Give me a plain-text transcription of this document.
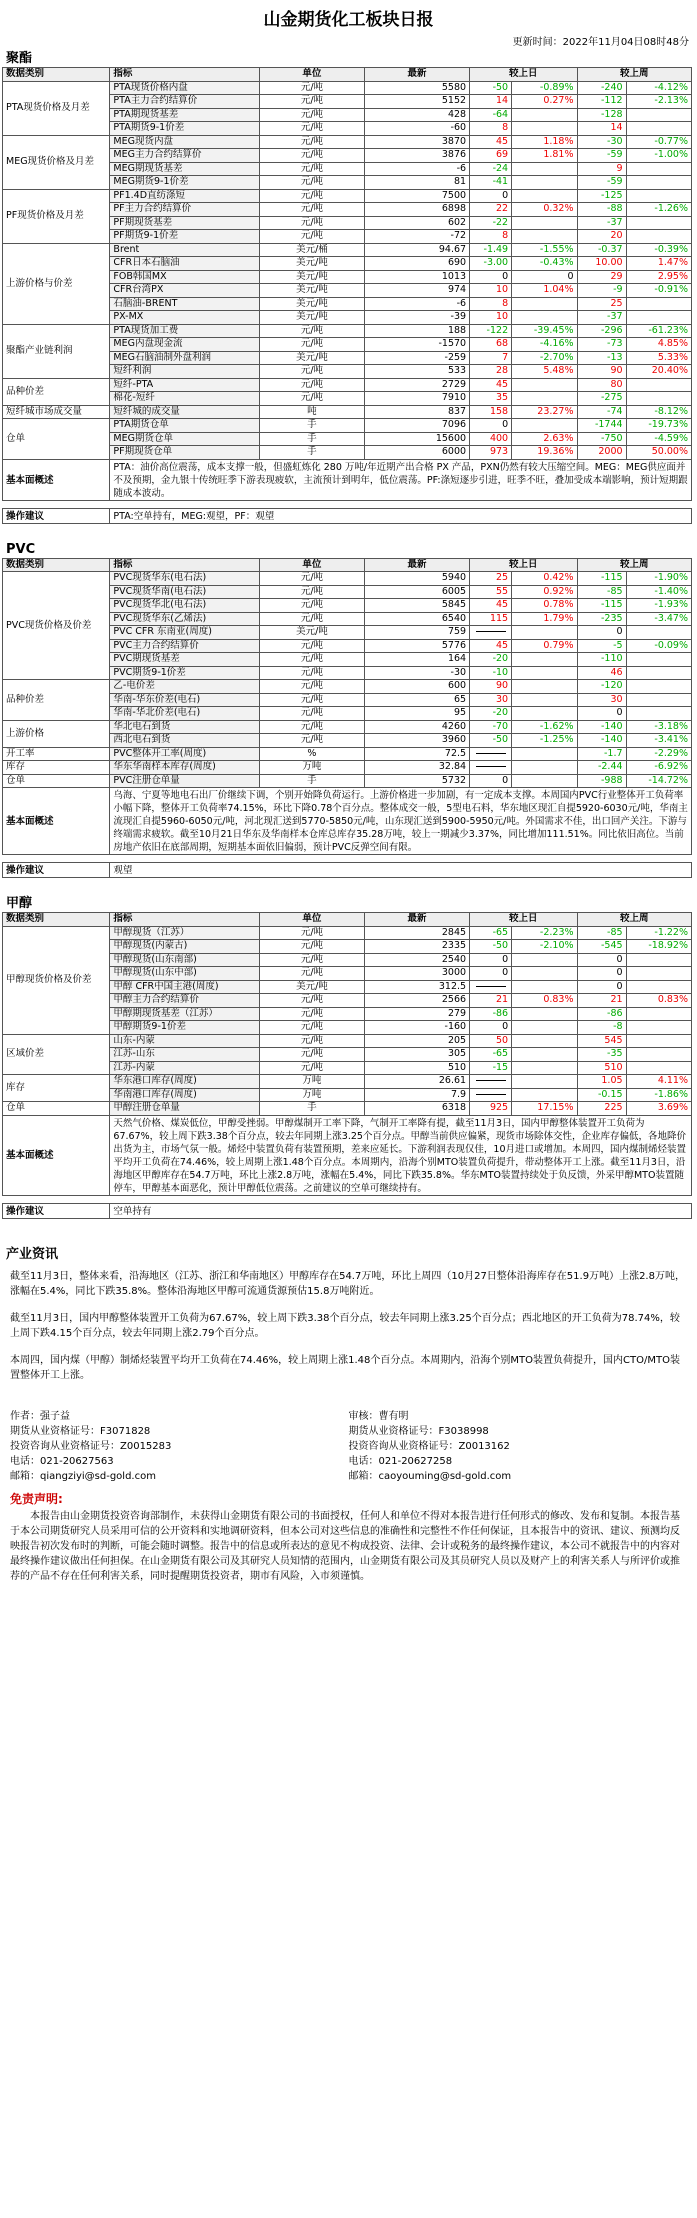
山金期货化工板块日报
更新时间：2022年11月04日08时48分
聚酯
数据类别	指标	单位	最新	较上日		较上周	
PTA现货价格及月差	PTA现货价格内盘	元/吨	5580	-50	-0.89%	-240	-4.12%
	PTA主力合约结算价	元/吨	5152	14	0.27%	-112	-2.13%
	PTA期现货基差	元/吨	428	-64		-128	
	PTA期货9-1价差	元/吨	-60	8		14	
MEG现货价格及月差	MEG现货内盘	元/吨	3870	45	1.18%	-30	-0.77%
	MEG主力合约结算价	元/吨	3876	69	1.81%	-59	-1.00%
	MEG期现货基差	元/吨	-6	-24		9	
	MEG期货9-1价差	元/吨	81	-41		-59	
PF现货价格及月差	PF1.4D直纺涤短	元/吨	7500	0		-125	
	PF主力合约结算价	元/吨	6898	22	0.32%	-88	-1.26%
	PF期现货基差	元/吨	602	-22		-37	
	PF期货9-1价差	元/吨	-72	8		20	
上游价格与价差	Brent	美元/桶	94.67	-1.49	-1.55%	-0.37	-0.39%
	CFR日本石脑油	美元/吨	690	-3.00	-0.43%	10.00	1.47%
	FOB韩国MX	美元/吨	1013	0	0	29	2.95%
	CFR台湾PX	美元/吨	974	10	1.04%	-9	-0.91%
	石脑油-BRENT	美元/吨	-6	8		25	
	PX-MX	美元/吨	-39	10		-37	
聚酯产业链利润	PTA现货加工费	元/吨	188	-122	-39.45%	-296	-61.23%
	MEG内盘现金流	元/吨	-1570	68	-4.16%	-73	4.85%
	MEG石脑油制外盘利润	美元/吨	-259	7	-2.70%	-13	5.33%
	短纤利润	元/吨	533	28	5.48%	90	20.40%
品种价差	短纤-PTA	元/吨	2729	45		80	
	棉花-短纤	元/吨	7910	35		-275	
短纤城市场成交量	短纤城的成交量	吨	837	158	23.27%	-74	-8.12%
仓单	PTA期货仓单	手	7096	0		-1744	-19.73%
	MEG期货仓单	手	15600	400	2.63%	-750	-4.59%
	PF期现货仓单	手	6000	973	19.36%	2000	50.00%
基本面概述	PTA：油价高位震荡，成本支撑一般，但盛虹炼化 280 万吨/年近期产出合格 PX 产品，PXN仍然有较大压缩空间。MEG：MEG供应面并不及预期，金九银十传统旺季下游表现疲软，主流预计到明年，低位震荡。PF:涤短逐步引进，旺季不旺，叠加受成本端影响，预计短期跟随成本波动。						

操作建议	PTA:空单持有，MEG:观望，PF：观望						
PVC
数据类别	指标	单位	最新	较上日		较上周	
PVC现货价格及价差	PVC现货华东(电石法)	元/吨	5940	25	0.42%	-115	-1.90%
	PVC现货华南(电石法)	元/吨	6005	55	0.92%	-85	-1.40%
	PVC现货华北(电石法)	元/吨	5845	45	0.78%	-115	-1.93%
	PVC现货华东(乙烯法)	元/吨	6540	115	1.79%	-235	-3.47%
	PVC CFR 东南亚(周度)	美元/吨	759			0	
	PVC主力合约结算价	元/吨	5776	45	0.79%	-5	-0.09%
	PVC期现货基差	元/吨	164	-20		-110	
	PVC期货9-1价差	元/吨	-30	-10		46	
品种价差	乙-电价差	元/吨	600	90		-120	
	华南-华东价差(电石)	元/吨	65	30		30	
	华南-华北价差(电石)	元/吨	95	-20		0	
上游价格	华北电石到货	元/吨	4260	-70	-1.62%	-140	-3.18%
	西北电石到货	元/吨	3960	-50	-1.25%	-140	-3.41%
开工率	PVC整体开工率(周度)	%	72.5			-1.7	-2.29%
库存	华东华南样本库存(周度)	万吨	32.84			-2.44	-6.92%
仓单	PVC注册仓单量	手	5732	0		-988	-14.72%
基本面概述	乌海、宁夏等地电石出厂价继续下调，个别开始降负荷运行。上游价格进一步加剧，有一定成本支撑。本周国内PVC行业整体开工负荷率小幅下降，整体开工负荷率74.15%，环比下降0.78个百分点。整体成交一般，5型电石料，华东地区现汇自提5920-6030元/吨，华南主流现汇自提5960-6050元/吨，河北现汇送到5770-5850元/吨，山东现汇送到5900-5950元/吨。外国需求不佳，出口回产关注。下游与终端需求疲软。截至10月21日华东及华南样本仓库总库存35.28万吨，较上一期减少3.37%，同比增加111.51%。同比依旧高位。当前房地产依旧在底部周期，短期基本面依旧偏弱，预计PVC反弹空间有限。						

操作建议	观望						
甲醇
数据类别	指标	单位	最新	较上日		较上周	
甲醇现货价格及价差	甲醇现货（江苏）	元/吨	2845	-65	-2.23%	-85	-1.22%
	甲醇现货(内蒙古)	元/吨	2335	-50	-2.10%	-545	-18.92%
	甲醇现货(山东南部)	元/吨	2540	0		0	
	甲醇现货(山东中部)	元/吨	3000	0		0	
	甲醇 CFR中国主港(周度)	美元/吨	312.5			0	
	甲醇主力合约结算价	元/吨	2566	21	0.83%	21	0.83%
	甲醇期现货基差（江苏）	元/吨	279	-86		-86	
	甲醇期货9-1价差	元/吨	-160	0		-8	
区域价差	山东-内蒙	元/吨	205	50		545	
	江苏-山东	元/吨	305	-65		-35	
	江苏-内蒙	元/吨	510	-15		510	
库存	华东港口库存(周度)	万吨	26.61			1.05	4.11%
	华南港口库存(周度)	万吨	7.9			-0.15	-1.86%
仓单	甲醇注册仓单量	手	6318	925	17.15%	225	3.69%
基本面概述	天然气价格、煤炭低位，甲醇受挫弱。甲醇煤制开工率下降，气制开工率降有提，截至11月3日，国内甲醇整体装置开工负荷为67.67%，较上周下跌3.38个百分点，较去年同期上涨3.25个百分点。甲醇当前供应偏紧，现货市场除体交性，企业库存偏低，各地降价出货为主，市场气氛一般。烯烃中装置负荷有装置预期，差来应延长。下游利润表现仅佳，10月进口或增加。本周四，国内煤制烯烃装置平均开工负荷在74.46%，较上周期上涨1.48个百分点。本周期内，沿海个别MTO装置负荷提升，带动整体开工上涨。截至11月3日，沿海地区甲醇库存在54.7万吨，环比上涨2.8万吨，涨幅在5.4%，同比下跌35.8%。华东MTO装置持续处于负反馈，外采甲醇MTO装置随停车，甲醇基本面恶化，预计甲醇低位震荡。之前建议的空单可继续持有。						

操作建议	空单持有						
产业资讯

截至11月3日，整体来看，沿海地区（江苏、浙江和华南地区）甲醇库存在54.7万吨，环比上周四（10月27日整体沿海库存在51.9万吨）上涨2.8万吨，涨幅在5.4%，同比下跌35.8%。整体沿海地区甲醇可流通货源预估15.8万吨附近。

截至11月3日，国内甲醇整体装置开工负荷为67.67%，较上周下跌3.38个百分点，较去年同期上涨3.25个百分点；西北地区的开工负荷为78.74%，较上周下跌4.15个百分点，较去年同期上涨2.79个百分点。

本周四，国内煤（甲醇）制烯烃装置平均开工负荷在74.46%，较上周期上涨1.48个百分点。本周期内，沿海个别MTO装置负荷提升，国内CTO/MTO装置整体开工上涨。

作者：强子益
期货从业资格证号：F3071828
投资咨询从业资格证号：Z0015283
电话：021-20627563
邮箱：qiangziyi@sd-gold.com
审核：曹有明
期货从业资格证号：F3038998
投资咨询从业资格证号：Z0013162
电话：021-20627258
邮箱：caoyouming@sd-gold.com
免责声明:
本报告由山金期货投资咨询部制作，未获得山金期货有限公司的书面授权，任何人和单位不得对本报告进行任何形式的修改、发布和复制。本报告基于本公司期货研究人员采用可信的公开资料和实地调研资料，但本公司对这些信息的准确性和完整性不作任何保证，且本报告中的资讯、建议、预测均反映报告初次发布时的判断，可能会随时调整。报告中的信息或所表达的意见不构成投资、法律、会计或税务的最终操作建议，本公司不就报告中的内容对最终操作建议做出任何担保。在山金期货有限公司及其研究人员知情的范围内，山金期货有限公司及其员研究人员以及财产上的利害关系人与所评价或推荐的产品不存在任何利害关系，同时提醒期货投资者，期市有风险，入市须谨慎。
